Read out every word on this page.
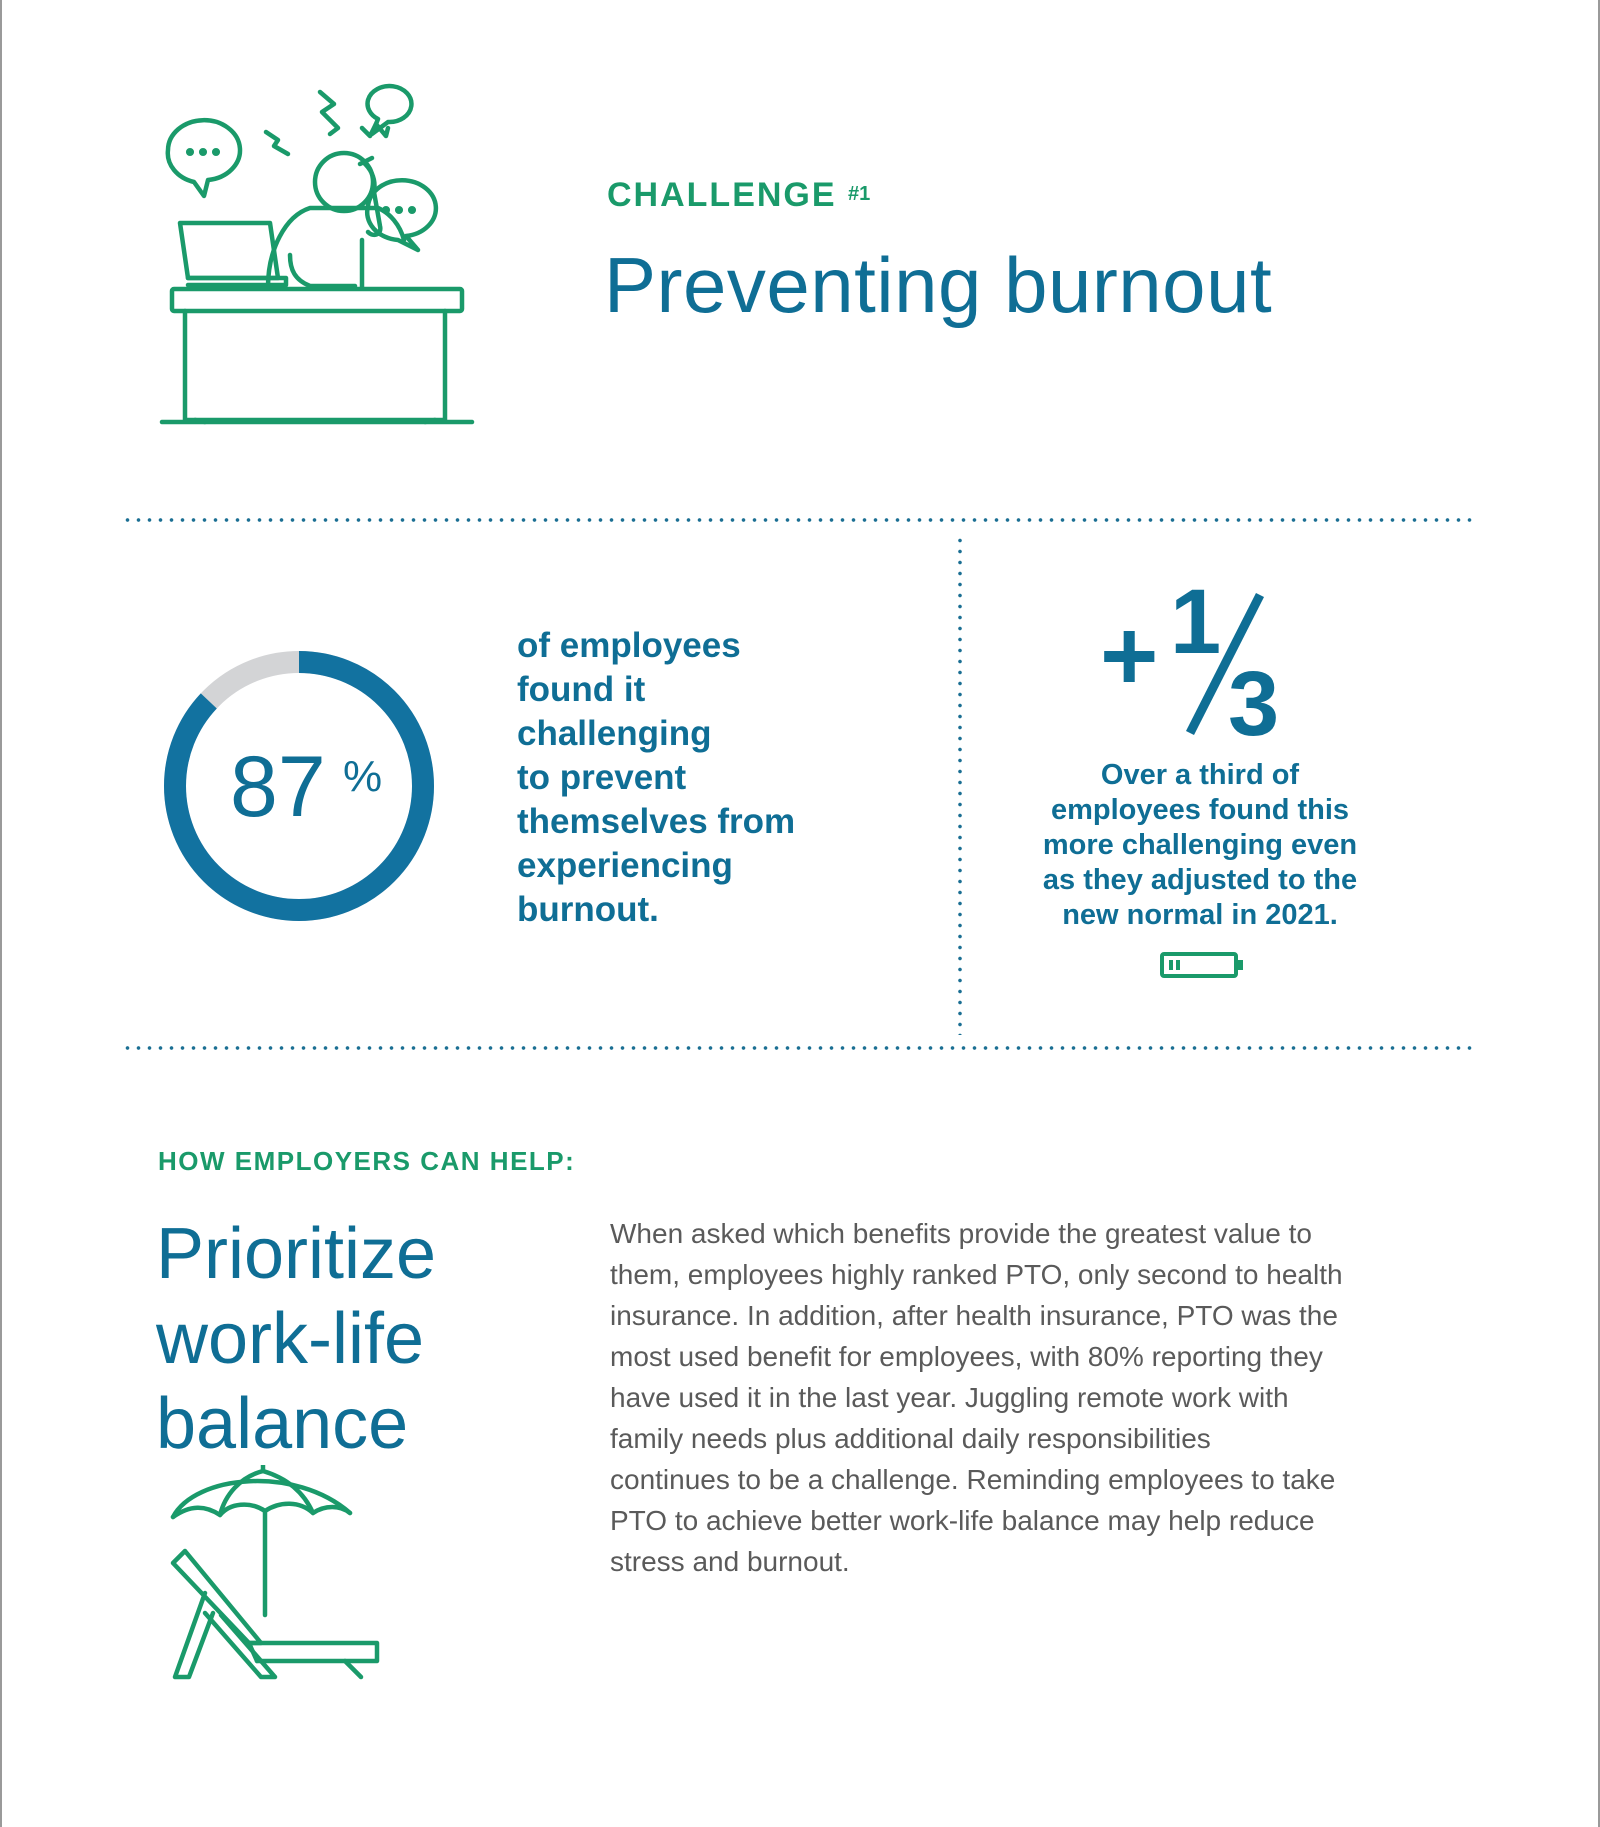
CHALLENGE $^{\#1}$
Preventing burnout
87 %
of employees
found it
challenging
to prevent
themselves from
experiencing
burnout.
+ 1
3
Over a third of
employees found this
more challenging even
as they adjusted to the
new normal in 2021.
HOW EMPLOYERS CAN HELP:
Prioritize
work-life
balance
When asked which benefits provide the greatest value to
them, employees highly ranked PTO, only second to health
insurance. In addition, after health insurance, PTO was the
most used benefit for employees, with 80% reporting they
have used it in the last year. Juggling remote work with
family needs plus additional daily responsibilities
continues to be a challenge. Reminding employees to take
PTO to achieve better work-life balance may help reduce
stress and burnout.
